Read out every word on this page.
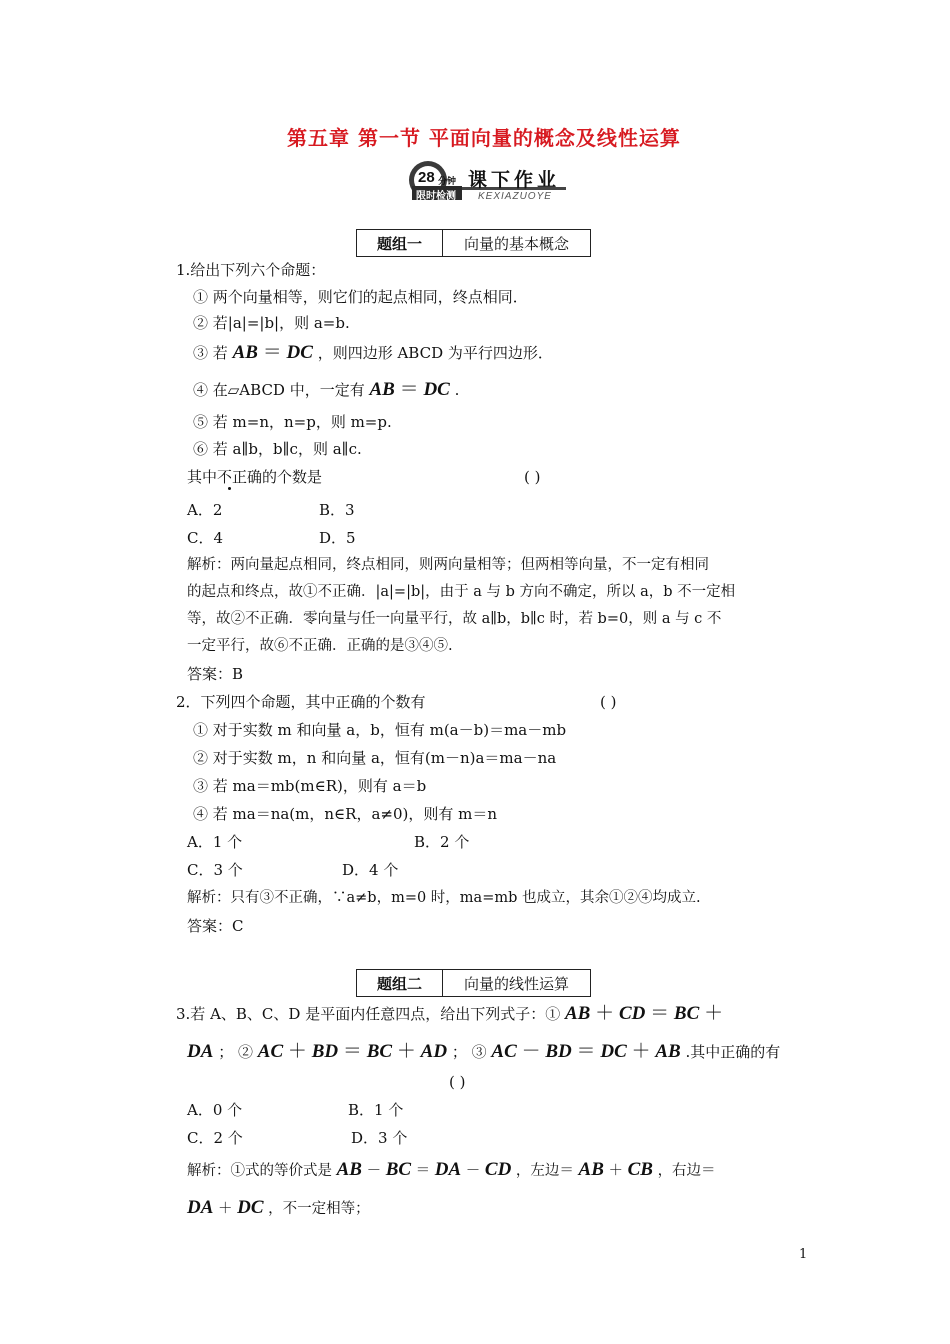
第五章 第一节 平面向量的概念及线性运算
28 分钟
限时检测
课下作业
KEXIAZUOYE
题组一	向量的基本概念
1.给出下列六个命题：
① 两个向量相等，则它们的起点相同，终点相同．
② 若|a|=|b|，则 a=b.
③ 若 AB ＝ DC ，则四边形 ABCD 为平行四边形．
④ 在▱ABCD 中，一定有 AB ＝ DC .
⑤ 若 m=n，n=p，则 m=p.
⑥ 若 a∥b，b∥c，则 a∥c.
其中不正确的个数是	( )
A．2	B．3
C．4	D．5
解析：两向量起点相同，终点相同，则两向量相等；但两相等向量，不一定有相同
的起点和终点，故①不正确．|a|=|b|，由于 a 与 b 方向不确定，所以 a，b 不一定相
等，故②不正确．零向量与任一向量平行，故 a∥b，b∥c 时，若 b=0，则 a 与 c 不
一定平行，故⑥不正确．正确的是③④⑤.
答案：B
2．下列四个命题，其中正确的个数有	( )
① 对于实数 m 和向量 a，b，恒有 m(a－b)＝ma－mb
② 对于实数 m，n 和向量 a，恒有(m－n)a＝ma－na
③ 若 ma＝mb(m∈R)，则有 a＝b
④ 若 ma＝na(m，n∈R，a≠0)，则有 m＝n
A．1 个	B．2 个
C．3 个	D．4 个
解析：只有③不正确，∵a≠b，m=0 时，ma=mb 也成立，其余①②④均成立.
答案：C
题组二	向量的线性运算
3.若 A、B、C、D 是平面内任意四点，给出下列式子：① AB ＋ CD ＝ BC ＋
DA ； ② AC ＋ BD ＝ BC ＋ AD ； ③ AC － BD ＝ DC ＋ AB .其中正确的有
( )
A．0 个	B．1 个
C．2 个	D．3 个
解析：①式的等价式是 AB － BC ＝ DA － CD ，左边＝ AB ＋ CB ，右边＝
DA ＋ DC ，不一定相等；
1
